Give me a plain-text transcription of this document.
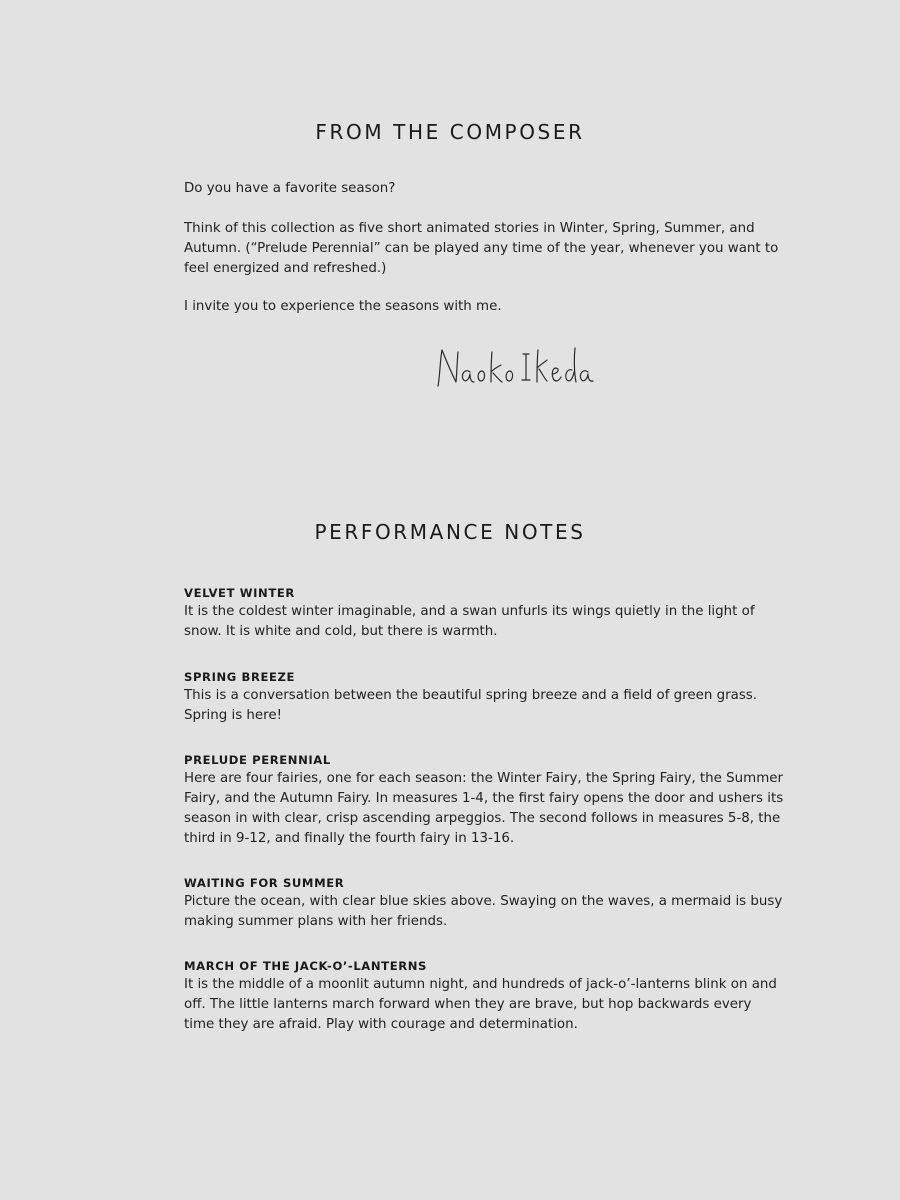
FROM THE COMPOSER

Do you have a favorite season?

Think of this collection as five short animated stories in Winter, Spring, Summer, and Autumn. (“Prelude Perennial” can be played any time of the year, whenever you want to feel energized and refreshed.)

I invite you to experience the seasons with me.

PERFORMANCE NOTES
VELVET WINTER
It is the coldest winter imaginable, and a swan unfurls its wings quietly in the light of snow. It is white and cold, but there is warmth.
SPRING BREEZE
This is a conversation between the beautiful spring breeze and a field of green grass. Spring is here!
PRELUDE PERENNIAL
Here are four fairies, one for each season: the Winter Fairy, the Spring Fairy, the Summer Fairy, and the Autumn Fairy. In measures 1-4, the first fairy opens the door and ushers its season in with clear, crisp ascending arpeggios. The second follows in measures 5-8, the third in 9-12, and finally the fourth fairy in 13-16.
WAITING FOR SUMMER
Picture the ocean, with clear blue skies above. Swaying on the waves, a mermaid is busy making summer plans with her friends.
MARCH OF THE JACK-O’-LANTERNS
It is the middle of a moonlit autumn night, and hundreds of jack-o’-lanterns blink on and off. The little lanterns march forward when they are brave, but hop backwards every time they are afraid. Play with courage and determination.
